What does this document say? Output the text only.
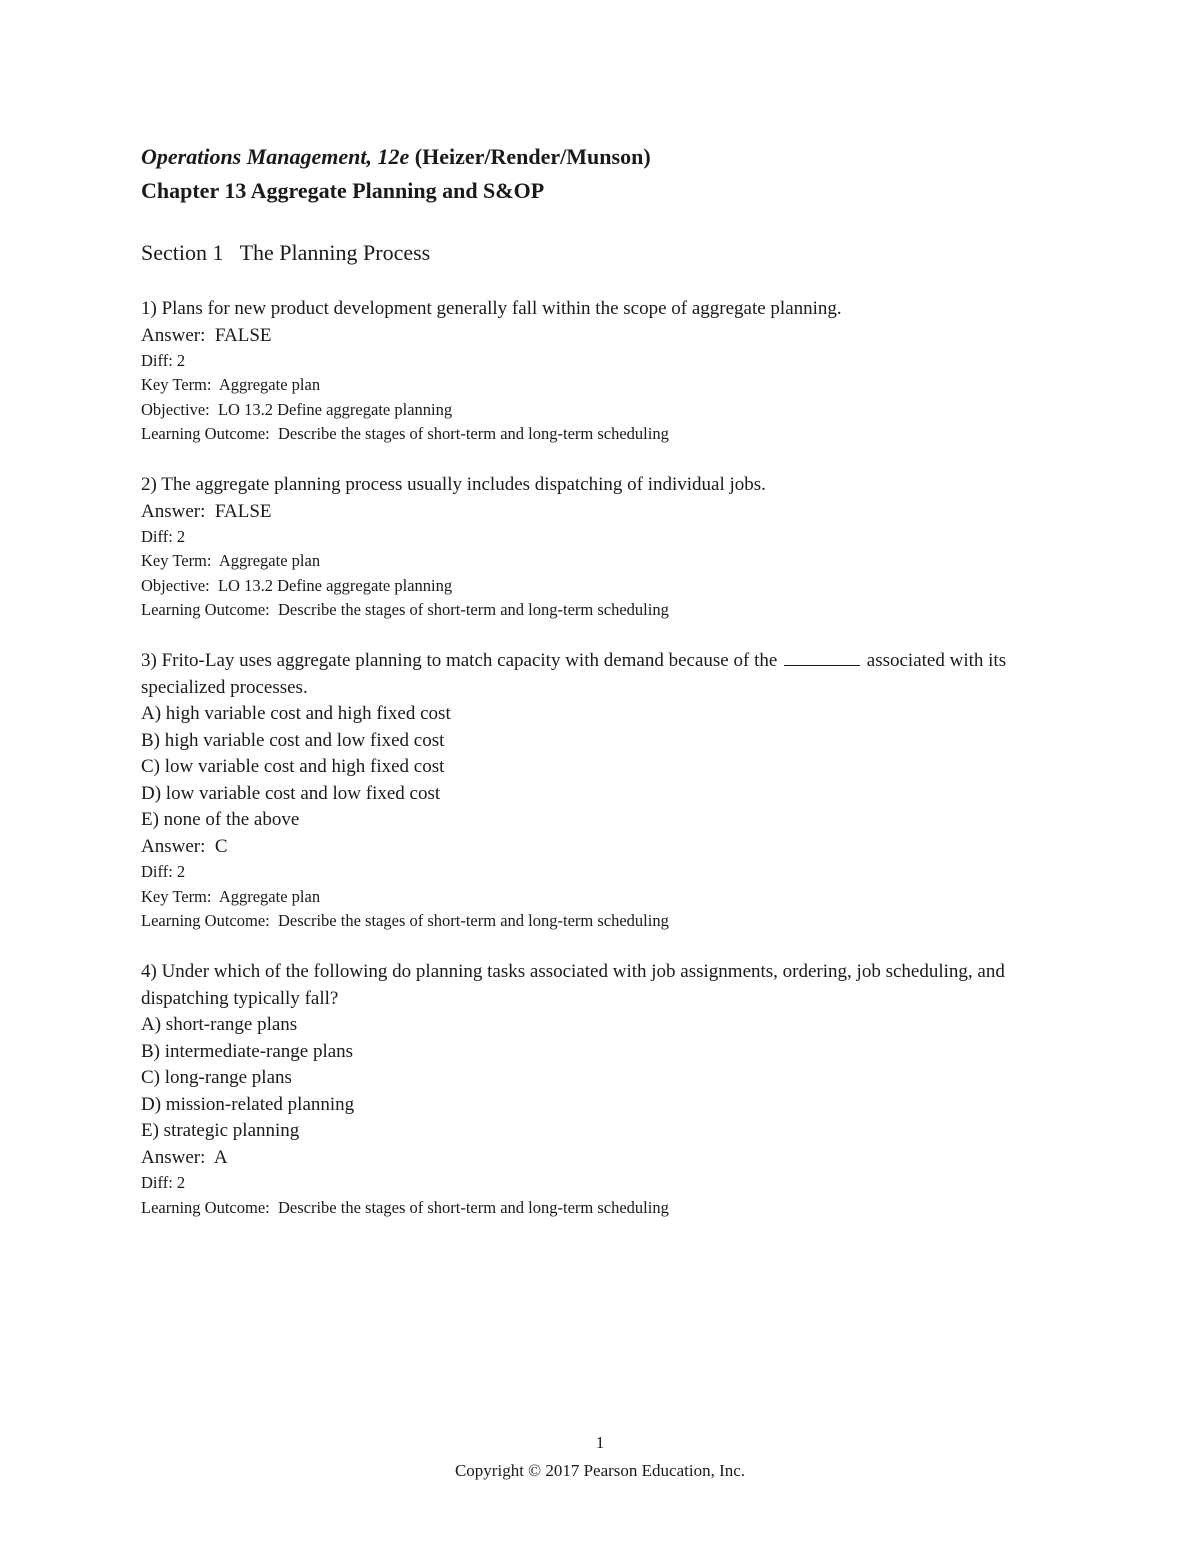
Operations Management, 12e (Heizer/Render/Munson)

Chapter 13 Aggregate Planning and S&OP

Section 1   The Planning Process

1) Plans for new product development generally fall within the scope of aggregate planning.

Answer:  FALSE

Diff: 2

Key Term:  Aggregate plan

Objective:  LO 13.2 Define aggregate planning

Learning Outcome:  Describe the stages of short-term and long-term scheduling

2) The aggregate planning process usually includes dispatching of individual jobs.

Answer:  FALSE

Diff: 2

Key Term:  Aggregate plan

Objective:  LO 13.2 Define aggregate planning

Learning Outcome:  Describe the stages of short-term and long-term scheduling

3) Frito-Lay uses aggregate planning to match capacity with demand because of the	associated with its specialized processes.

A) high variable cost and high fixed cost

B) high variable cost and low fixed cost

C) low variable cost and high fixed cost

D) low variable cost and low fixed cost

E) none of the above

Answer:  C

Diff: 2

Key Term:  Aggregate plan

Learning Outcome:  Describe the stages of short-term and long-term scheduling

4) Under which of the following do planning tasks associated with job assignments, ordering, job scheduling, and dispatching typically fall?

A) short-range plans

B) intermediate-range plans

C) long-range plans

D) mission-related planning

E) strategic planning

Answer:  A

Diff: 2

Learning Outcome:  Describe the stages of short-term and long-term scheduling

1
Copyright © 2017 Pearson Education, Inc.
